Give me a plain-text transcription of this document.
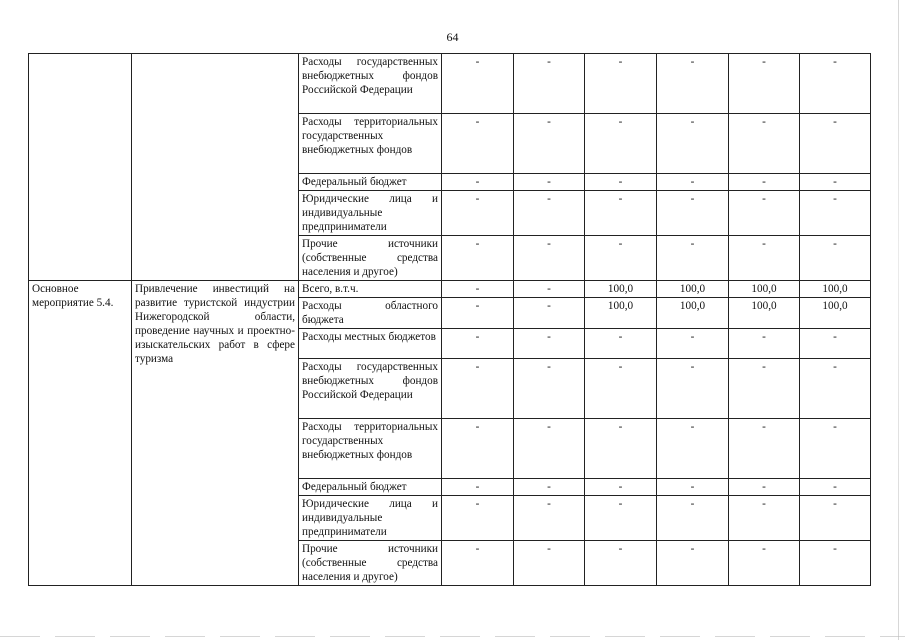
64
		Расходы государственных внебюджетных фондов Российской Федерации	-	-	-	-	-	-
		Расходы территориальных государственных внебюджетных фондов	-	-	-	-	-	-
		Федеральный бюджет	-	-	-	-	-	-
		Юридические лица и индивидуальные предприниматели	-	-	-	-	-	-
		Прочие источники (собственные средства населения и другое)	-	-	-	-	-	-
Основное мероприятие 5.4.	Привлечение инвестиций на развитие туристской индустрии Нижегородской области, проведение научных и проектно-изыскательских работ в сфере туризма	Всего, в.т.ч.	-	-	100,0	100,0	100,0	100,0
		Расходы областного бюджета	-	-	100,0	100,0	100,0	100,0
		Расходы местных бюджетов	-	-	-	-	-	-
		Расходы государственных внебюджетных фондов Российской Федерации	-	-	-	-	-	-
		Расходы территориальных государственных внебюджетных фондов	-	-	-	-	-	-
		Федеральный бюджет	-	-	-	-	-	-
		Юридические лица и индивидуальные предприниматели	-	-	-	-	-	-
		Прочие источники (собственные средства населения и другое)	-	-	-	-	-	-
